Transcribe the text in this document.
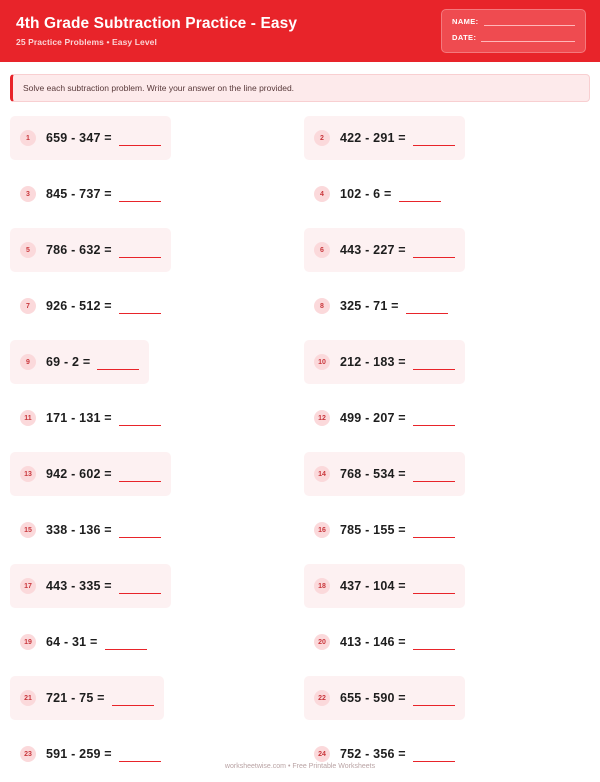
4th Grade Subtraction Practice - Easy
25 Practice Problems • Easy Level
NAME:
DATE:
Solve each subtraction problem. Write your answer on the line provided.
1	659 - 347 =	2	422 - 291 =
3	845 - 737 =	4	102 - 6 =
5	786 - 632 =	6	443 - 227 =
7	926 - 512 =	8	325 - 71 =
9	69 - 2 =	10	212 - 183 =
11	171 - 131 =	12	499 - 207 =
13	942 - 602 =	14	768 - 534 =
15	338 - 136 =	16	785 - 155 =
17	443 - 335 =	18	437 - 104 =
19	64 - 31 =	20	413 - 146 =
21	721 - 75 =	22	655 - 590 =
23	591 - 259 =	24	752 - 356 =
worksheetwise.com • Free Printable Worksheets
